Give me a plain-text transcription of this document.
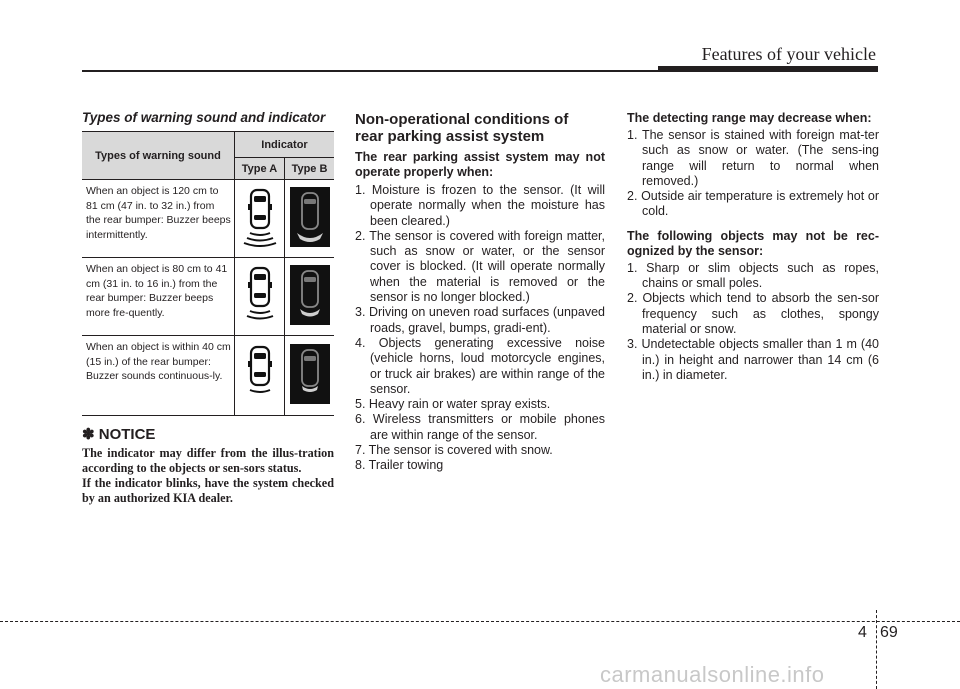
Features of your vehicle
Types of warning sound and indicator
Types of warning sound	Indicator	
	Type A	Type B
When an object is 120 cm to 81 cm (47 in. to 32 in.) from the rear bumper: Buzzer beeps intermittently.		
When an object is 80 cm to 41 cm (31 in. to 16 in.) from the rear bumper: Buzzer beeps more fre-quently.		
When an object is within 40 cm (15 in.) of the rear bumper: Buzzer sounds continuous-ly.		
✽ NOTICE
The indicator may differ from the illus-tration according to the objects or sen-sors status.
If the indicator blinks, have the system checked by an authorized KIA dealer.
Non-operational conditions of
rear parking assist system

The rear parking assist system may not operate properly when:

1. Moisture is frozen to the sensor. (It will operate normally when the moisture has been cleared.)
2. The sensor is covered with foreign matter, such as snow or water, or the sensor cover is blocked. (It will operate normally when the material is removed or the sensor is no longer blocked.)
3. Driving on uneven road surfaces (unpaved roads, gravel, bumps, gradi-ent).
4. Objects generating excessive noise (vehicle horns, loud motorcycle engines, or truck air brakes) are within range of the sensor.
5. Heavy rain or water spray exists.
6. Wireless transmitters or mobile phones are within range of the sensor.
7. The sensor is covered with snow.
8. Trailer towing

The detecting range may decrease when:

1. The sensor is stained with foreign mat-ter such as snow or water. (The sens-ing range will return to normal when removed.)
2. Outside air temperature is extremely hot or cold.

The following objects may not be rec-ognized by the sensor:

1. Sharp or slim objects such as ropes, chains or small poles.
2. Objects which tend to absorb the sen-sor frequency such as clothes, spongy material or snow.
3. Undetectable objects smaller than 1 m (40 in.) in height and narrower than 14 cm (6 in.) in diameter.
4 69
carmanualsonline.info
